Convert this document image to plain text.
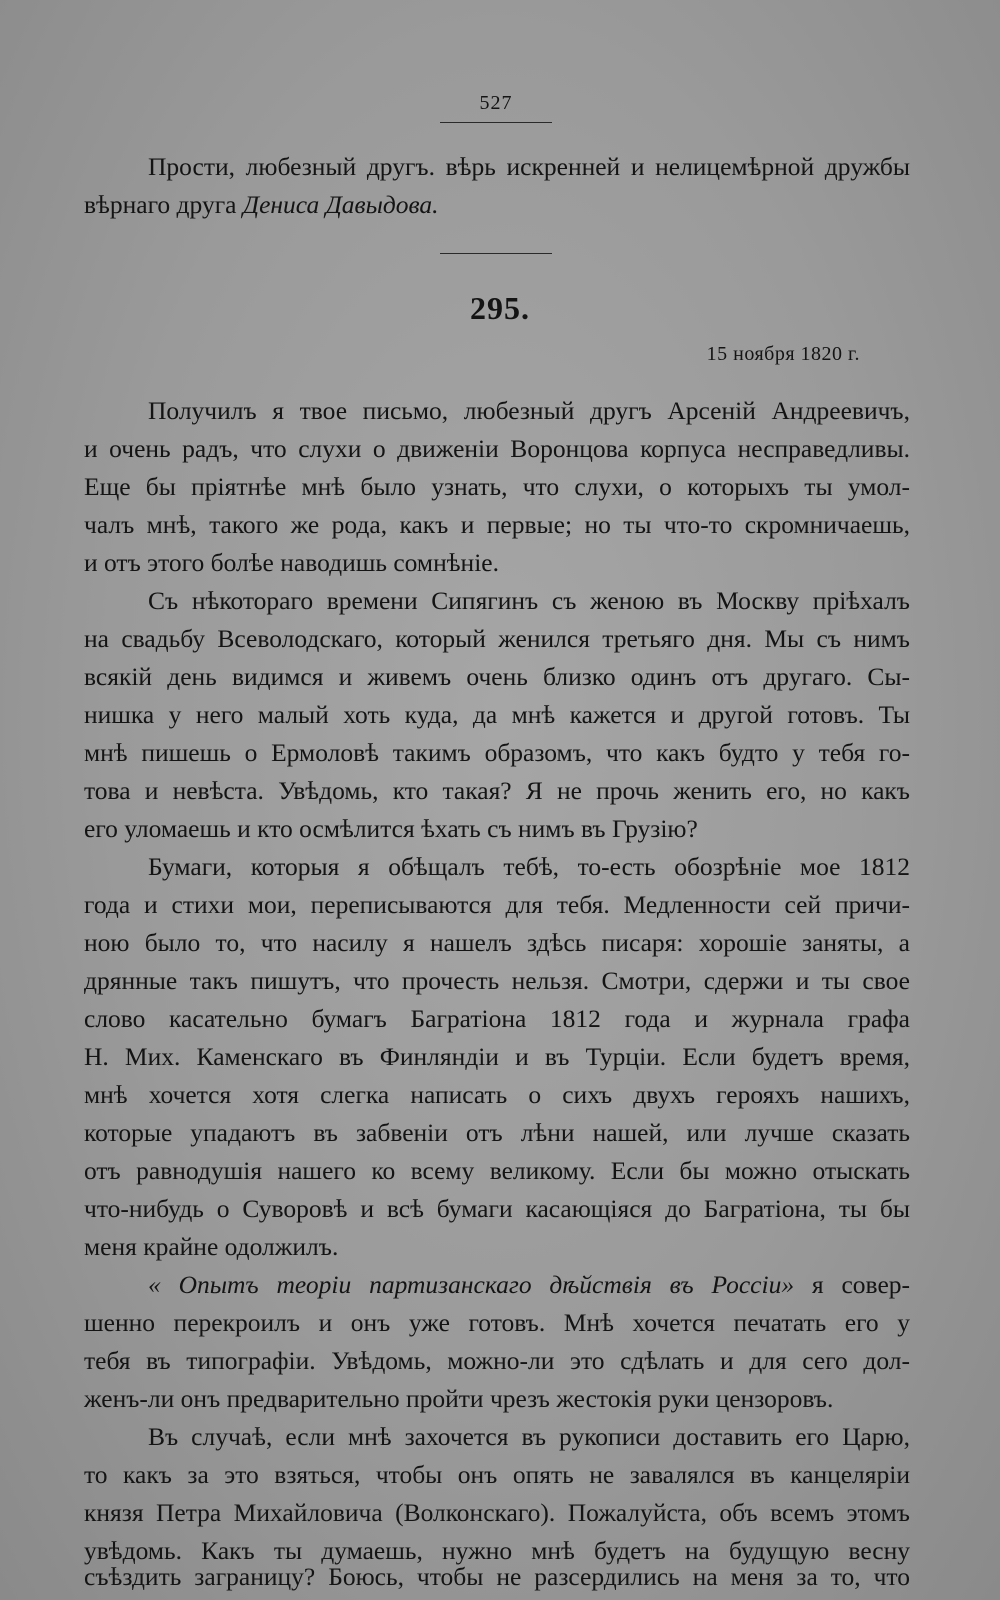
527
Прости, любезный другъ. вѣрь искренней и нелицемѣрной дружбы
вѣрнаго друга Дениса Давыдова.
295.
15 ноября 1820 г.
Получилъ я твое письмо, любезный другъ Арсеній Андреевичъ,
и очень радъ, что слухи о движеніи Воронцова корпуса несправедливы.
Еще бы пріятнѣе мнѣ было узнать, что слухи, о которыхъ ты умол-
чалъ мнѣ, такого же рода, какъ и первые; но ты что-то скромничаешь,
и отъ этого болѣе наводишь сомнѣніе.
Съ нѣкотораго времени Сипягинъ съ женою въ Москву пріѣхалъ
на свадьбу Всеволодскаго, который женился третьяго дня. Мы съ нимъ
всякій день видимся и живемъ очень близко одинъ отъ другаго. Сы-
нишка у него малый хоть куда, да мнѣ кажется и другой готовъ. Ты
мнѣ пишешь о Ермоловѣ такимъ образомъ, что какъ будто у тебя го-
това и невѣста. Увѣдомь, кто такая? Я не прочь женить его, но какъ
его уломаешь и кто осмѣлится ѣхать съ нимъ въ Грузію?
Бумаги, которыя я обѣщалъ тебѣ, то-есть обозрѣніе мое 1812
года и стихи мои, переписываются для тебя. Медленности сей причи-
ною было то, что насилу я нашелъ здѣсь писаря: хорошіе заняты, а
дрянные такъ пишутъ, что прочесть нельзя. Смотри, сдержи и ты свое
слово касательно бумагъ Багратіона 1812 года и журнала графа
Н. Мих. Каменскаго въ Финляндіи и въ Турціи. Если будетъ время,
мнѣ хочется хотя слегка написать о сихъ двухъ герояхъ нашихъ,
которые упадаютъ въ забвеніи отъ лѣни нашей, или лучше сказать
отъ равнодушія нашего ко всему великому. Если бы можно отыскать
что-нибудь о Суворовѣ и всѣ бумаги касающіяся до Багратіона, ты бы
меня крайне одолжилъ.
« Опытъ теоріи партизанскаго дѣйствія въ Россіи» я совер-
шенно перекроилъ и онъ уже готовъ. Мнѣ хочется печатать его у
тебя въ типографіи. Увѣдомь, можно-ли это сдѣлать и для сего дол-
женъ-ли онъ предварительно пройти чрезъ жестокія руки цензоровъ.
Въ случаѣ, если мнѣ захочется въ рукописи доставить его Царю,
то какъ за это взяться, чтобы онъ опять не завалялся въ канцеляріи
князя Петра Михайловича (Волконскаго). Пожалуйста, объ всемъ этомъ
увѣдомь. Какъ ты думаешь, нужно мнѣ будетъ на будущую весну
съѣздить заграницу? Боюсь, чтобы не разсердились на меня за то, что
